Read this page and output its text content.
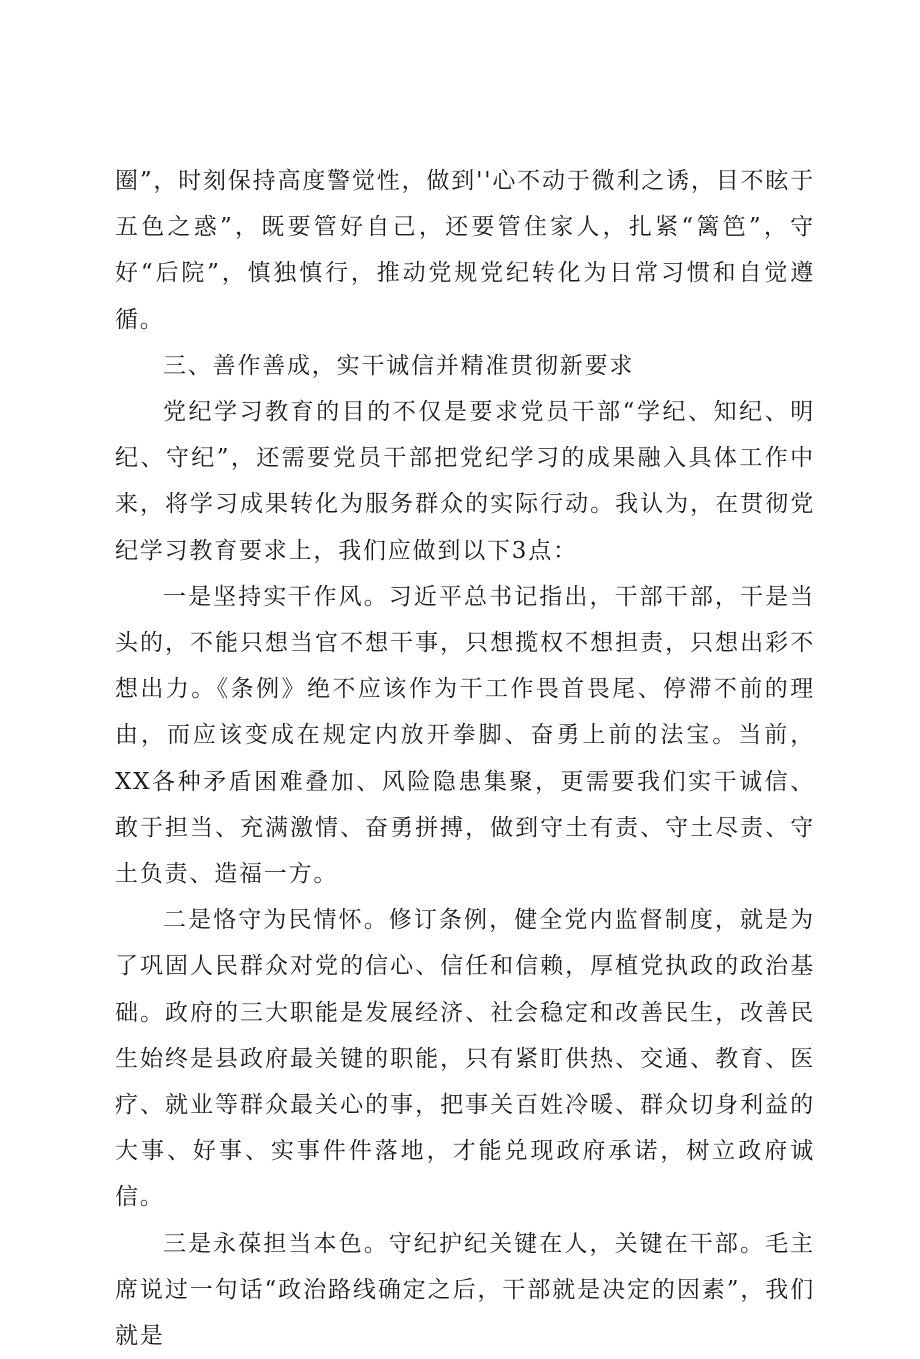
圈”，时刻保持高度警觉性，做到''心不动于微利之诱，目不眩于五色之惑”，既要管好自己，还要管住家人，扎紧“篱笆”，守好“后院”，慎独慎行，推动党规党纪转化为日常习惯和自觉遵循。

三、善作善成，实干诚信并精准贯彻新要求

党纪学习教育的目的不仅是要求党员干部“学纪、知纪、明纪、守纪”，还需要党员干部把党纪学习的成果融入具体工作中来，将学习成果转化为服务群众的实际行动。我认为，在贯彻党纪学习教育要求上，我们应做到以下3点：

一是坚持实干作风。习近平总书记指出，干部干部，干是当头的，不能只想当官不想干事，只想揽权不想担责，只想出彩不想出力。《条例》绝不应该作为干工作畏首畏尾、停滞不前的理由，而应该变成在规定内放开拳脚、奋勇上前的法宝。当前，XX各种矛盾困难叠加、风险隐患集聚，更需要我们实干诚信、敢于担当、充满激情、奋勇拼搏，做到守土有责、守土尽责、守土负责、造福一方。

二是恪守为民情怀。修订条例，健全党内监督制度，就是为了巩固人民群众对党的信心、信任和信赖，厚植党执政的政治基础。政府的三大职能是发展经济、社会稳定和改善民生，改善民生始终是县政府最关键的职能，只有紧盯供热、交通、教育、医疗、就业等群众最关心的事，把事关百姓冷暖、群众切身利益的大事、好事、实事件件落地，才能兑现政府承诺，树立政府诚信。

三是永葆担当本色。守纪护纪关键在人，关键在干部。毛主席说过一句话“政治路线确定之后，干部就是决定的因素”，我们就是
